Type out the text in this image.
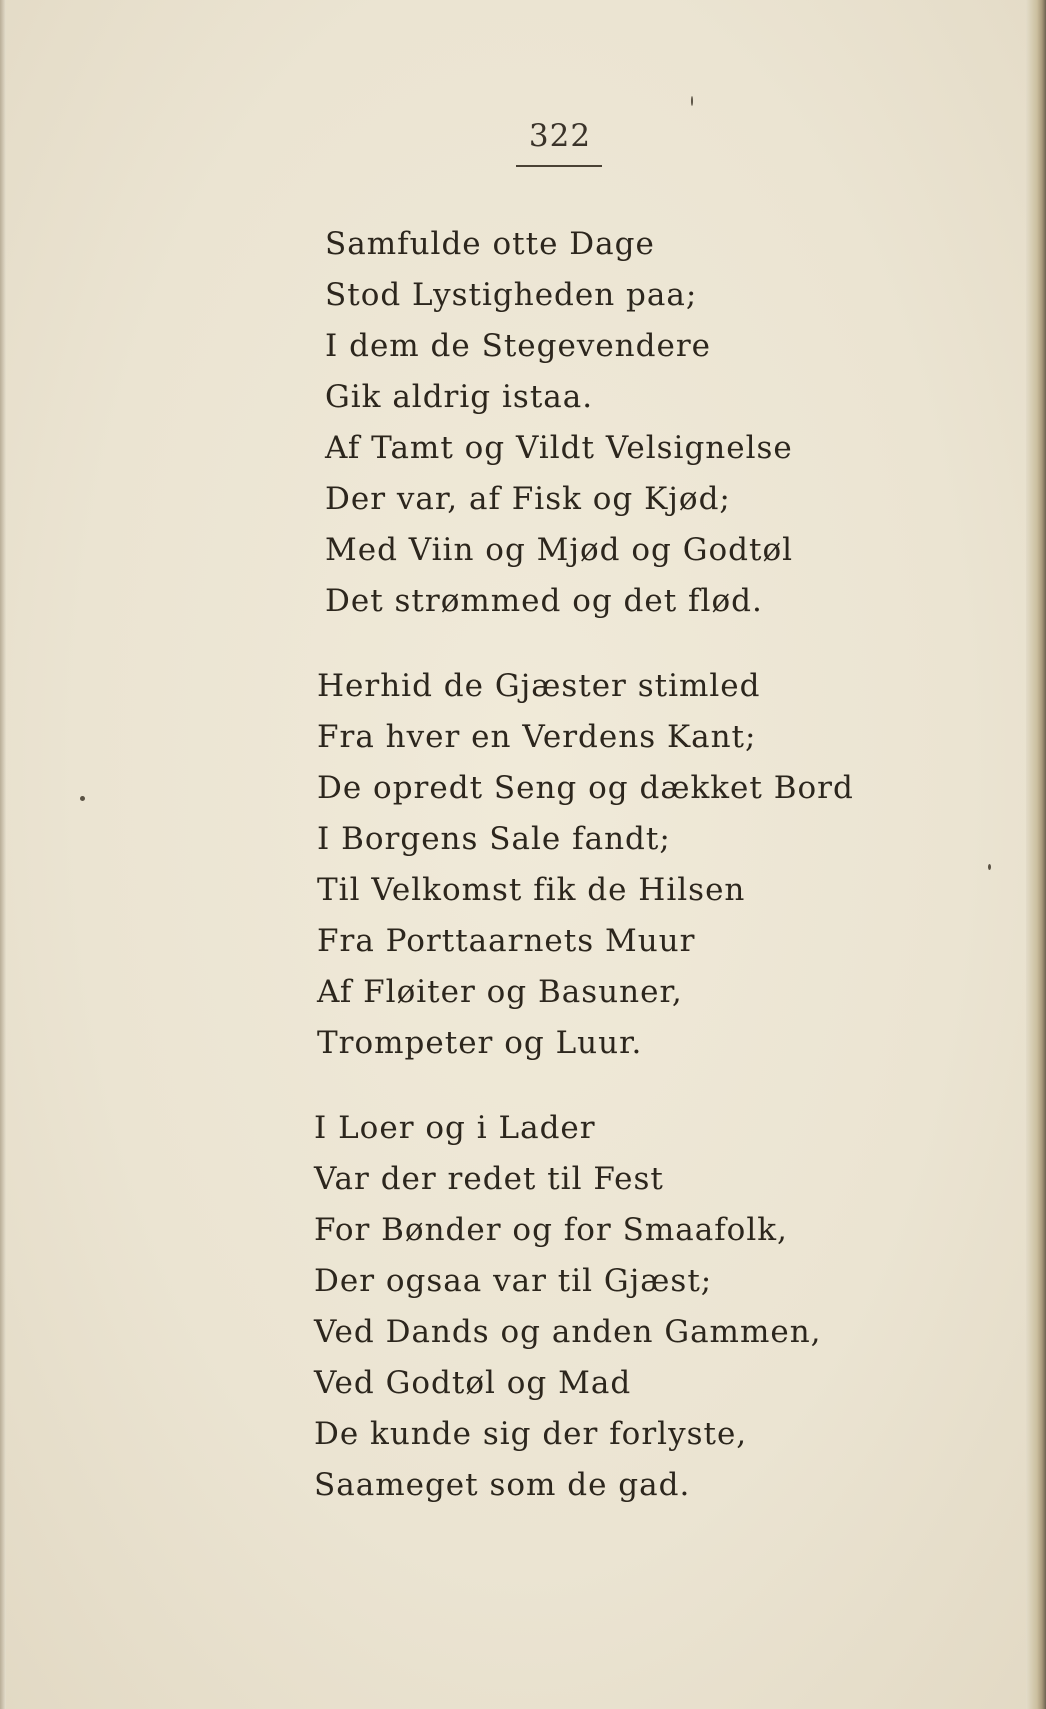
322
Samfulde otte Dage
Stod Lystigheden paa;
I dem de Stegevendere
Gik aldrig istaa.
Af Tamt og Vildt Velsignelse
Der var, af Fisk og Kjød;
Med Viin og Mjød og Godtøl
Det strømmed og det flød.
Herhid de Gjæster stimled
Fra hver en Verdens Kant;
De opredt Seng og dækket Bord
I Borgens Sale fandt;
Til Velkomst fik de Hilsen
Fra Porttaarnets Muur
Af Fløiter og Basuner,
Trompeter og Luur.
I Loer og i Lader
Var der redet til Fest
For Bønder og for Smaafolk,
Der ogsaa var til Gjæst;
Ved Dands og anden Gammen,
Ved Godtøl og Mad
De kunde sig der forlyste,
Saameget som de gad.
